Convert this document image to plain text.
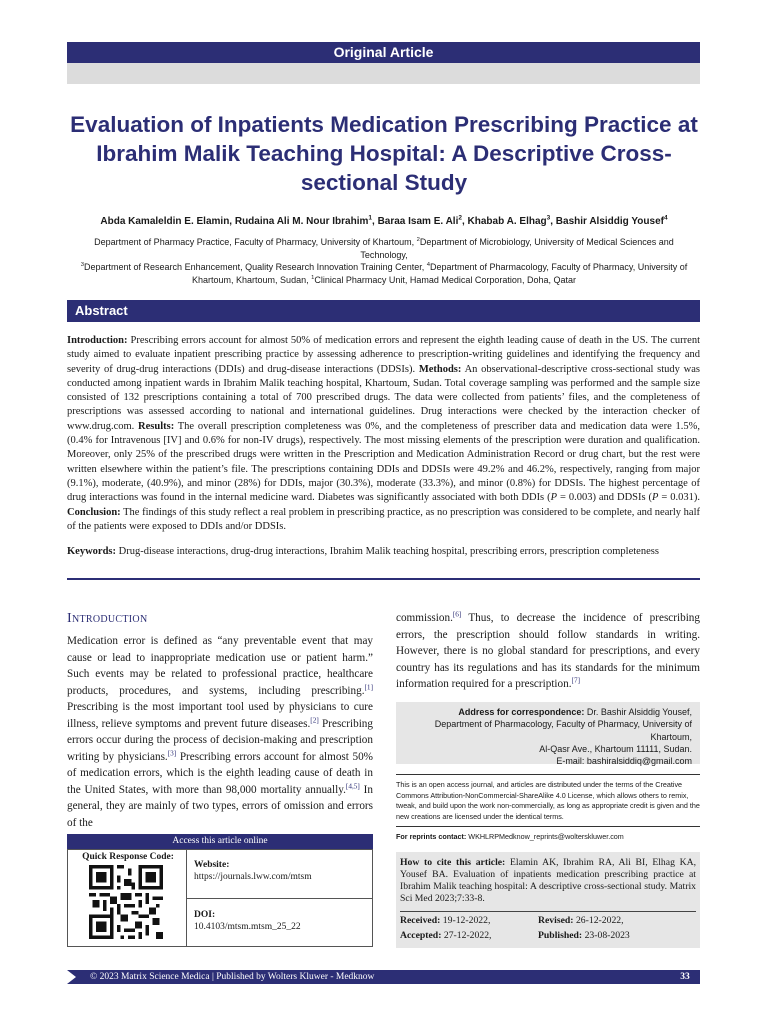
Original Article
Evaluation of Inpatients Medication Prescribing Practice at Ibrahim Malik Teaching Hospital: A Descriptive Cross-sectional Study
Abda Kamaleldin E. Elamin, Rudaina Ali M. Nour Ibrahim$^1$, Baraa Isam E. Ali$^2$, Khabab A. Elhag$^3$, Bashir Alsiddig Yousef$^4$
Department of Pharmacy Practice, Faculty of Pharmacy, University of Khartoum, $^2$Department of Microbiology, University of Medical Sciences and Technology,
$^3$Department of Research Enhancement, Quality Research Innovation Training Center, $^4$Department of Pharmacology, Faculty of Pharmacy, University of Khartoum, Khartoum, Sudan, $^1$Clinical Pharmacy Unit, Hamad Medical Corporation, Doha, Qatar
Abstract
Introduction: Prescribing errors account for almost 50% of medication errors and represent the eighth leading cause of death in the US. The current study aimed to evaluate inpatient prescribing practice by assessing adherence to prescription-writing guidelines and identifying the frequency and severity of drug-drug interactions (DDIs) and drug-disease interactions (DDSIs). Methods: An observational-descriptive cross-sectional study was conducted among inpatient wards in Ibrahim Malik teaching hospital, Khartoum, Sudan. Total coverage sampling was performed and the sample size consisted of 132 prescriptions containing a total of 700 prescribed drugs. The data were collected from patients’ files, and the completeness of prescriptions was assessed according to national and international guidelines. Drug interactions were checked by the interaction checker of www.drug.com. Results: The overall prescription completeness was 0%, and the completeness of prescriber data and medication data were 1.5%, (0.4% for Intravenous [IV] and 0.6% for non-IV drugs), respectively. The most missing elements of the prescription were duration and qualification. Moreover, only 25% of the prescribed drugs were written in the Prescription and Medication Administration Record or drug chart, but the rest were written elsewhere within the patient’s file. The prescriptions containing DDIs and DDSIs were 49.2% and 46.2%, respectively, ranging from major (9.1%), moderate, (40.9%), and minor (28%) for DDIs, major (30.3%), moderate (33.3%), and minor (0.8%) for DDSIs. The highest percentage of drug interactions was found in the internal medicine ward. Diabetes was significantly associated with both DDIs (P = 0.003) and DDSIs (P = 0.031). Conclusion: The findings of this study reflect a real problem in prescribing practice, as no prescription was considered to be complete, and nearly half of the patients were exposed to DDIs and/or DDSIs.
Keywords: Drug-disease interactions, drug-drug interactions, Ibrahim Malik teaching hospital, prescribing errors, prescription completeness
Introduction
Medication error is defined as “any preventable event that may cause or lead to inappropriate medication use or patient harm.” Such events may be related to professional practice, healthcare products, procedures, and systems, including prescribing.[1] Prescribing is the most important tool used by physicians to cure illness, relieve symptoms and prevent future diseases.[2] Prescribing errors occur during the process of decision-making and prescription writing by physicians.[3] Prescribing errors account for almost 50% of medication errors, which is the eighth leading cause of death in the United States, with more than 98,000 mortality annually.[4,5] In general, they are mainly of two types, errors of omission and errors of the
commission.[6] Thus, to decrease the incidence of prescribing errors, the prescription should follow standards in writing. However, there is no global standard for prescriptions, and every country has its regulations and has its standards for the minimum information required for a prescription.[7]
Address for correspondence: Dr. Bashir Alsiddig Yousef,
Department of Pharmacology, Faculty of Pharmacy, University of Khartoum,
Al-Qasr Ave., Khartoum 11111, Sudan.
E-mail: bashiralsiddiq@gmail.com
This is an open access journal, and articles are distributed under the terms of the Creative Commons Attribution-NonCommercial-ShareAlike 4.0 License, which allows others to remix, tweak, and build upon the work non-commercially, as long as appropriate credit is given and the new creations are licensed under the identical terms.
For reprints contact: WKHLRPMedknow_reprints@wolterskluwer.com
How to cite this article: Elamin AK, Ibrahim RA, Ali BI, Elhag KA, Yousef BA. Evaluation of inpatients medication prescribing practice at Ibrahim Malik teaching hospital: A descriptive cross-sectional study. Matrix Sci Med 2023;7:33-8.
Received: 19-12-2022,	Revised: 26-12-2022,
Accepted: 27-12-2022,	Published: 23-08-2023
Access this article online
Quick Response Code:
Website:
https://journals.lww.com/mtsm
DOI:
10.4103/mtsm.mtsm_25_22
© 2023 Matrix Science Medica | Published by Wolters Kluwer - Medknow	33
